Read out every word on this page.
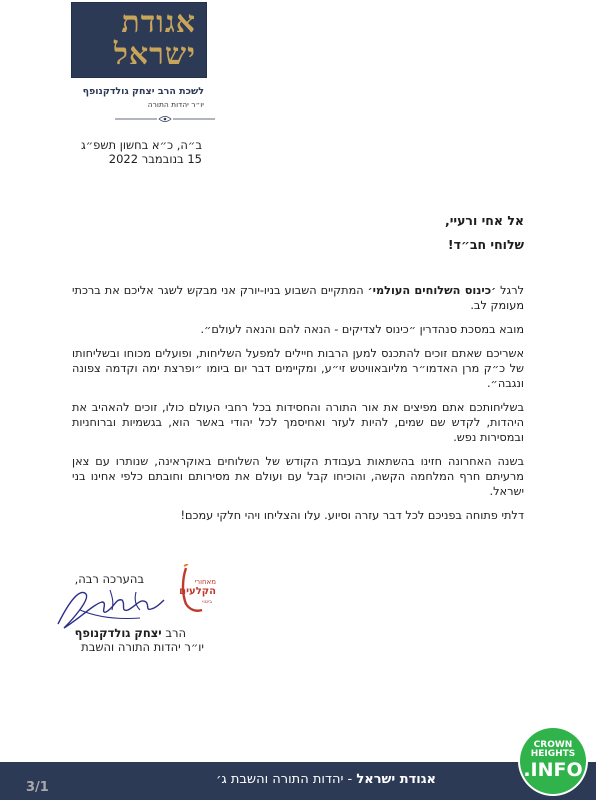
אגודת
ישראל
לשכת הרב יצחק גולדקנופף
יו״ר יהדות התורה
ב״ה, כ״א בחשון תשפ״ג
15 בנובמבר 2022
אל אחי ורעיי,
שלוחי חב״ד!

לרגל ׳כינוס השלוחים העולמי׳ המתקיים השבוע בניו-יורק אני מבקש לשגר אליכם את ברכתי מעומק לב.

מובא במסכת סנהדרין ״כינוס לצדיקים - הנאה להם והנאה לעולם״.

אשריכם שאתם זוכים להתכנס למען הרבות חיילים למפעל השליחות, ופועלים מכוחו ובשליחותו של כ״ק מרן האדמו״ר מליובאוויטש זי״ע, ומקיימים דבר יום ביומו ״ופרצת ימה וקדמה צפונה ונגבה״.

בשליחותכם אתם מפיצים את אור התורה והחסידות בכל רחבי העולם כולו, זוכים להאהיב את היהדות, לקדש שם שמים, להיות לעזר ואחיסמך לכל יהודי באשר הוא, בגשמיות וברוחניות ובמסירות נפש.

בשנה האחרונה חזינו בהשתאות בעבודת הקודש של השלוחים באוקראינה, שנותרו עם צאן מרעיתם חרף המלחמה הקשה, והוכיחו קבל עם ועולם את מסירותם וחובתם כלפי אחינו בני ישראל.

דלתי פתוחה בפניכם לכל דבר עזרה וסיוע. עלו והצליחו ויהי חלקי עמכם!

בהערכה רבה,	מאחורי
הקלעים
ביטוי
הרב יצחק גולדקנופף
יו״ר יהדות התורה והשבת
אגודת ישראל - יהדות התורה והשבת ג׳
3/1
CROWN
HEIGHTS
.INFO
